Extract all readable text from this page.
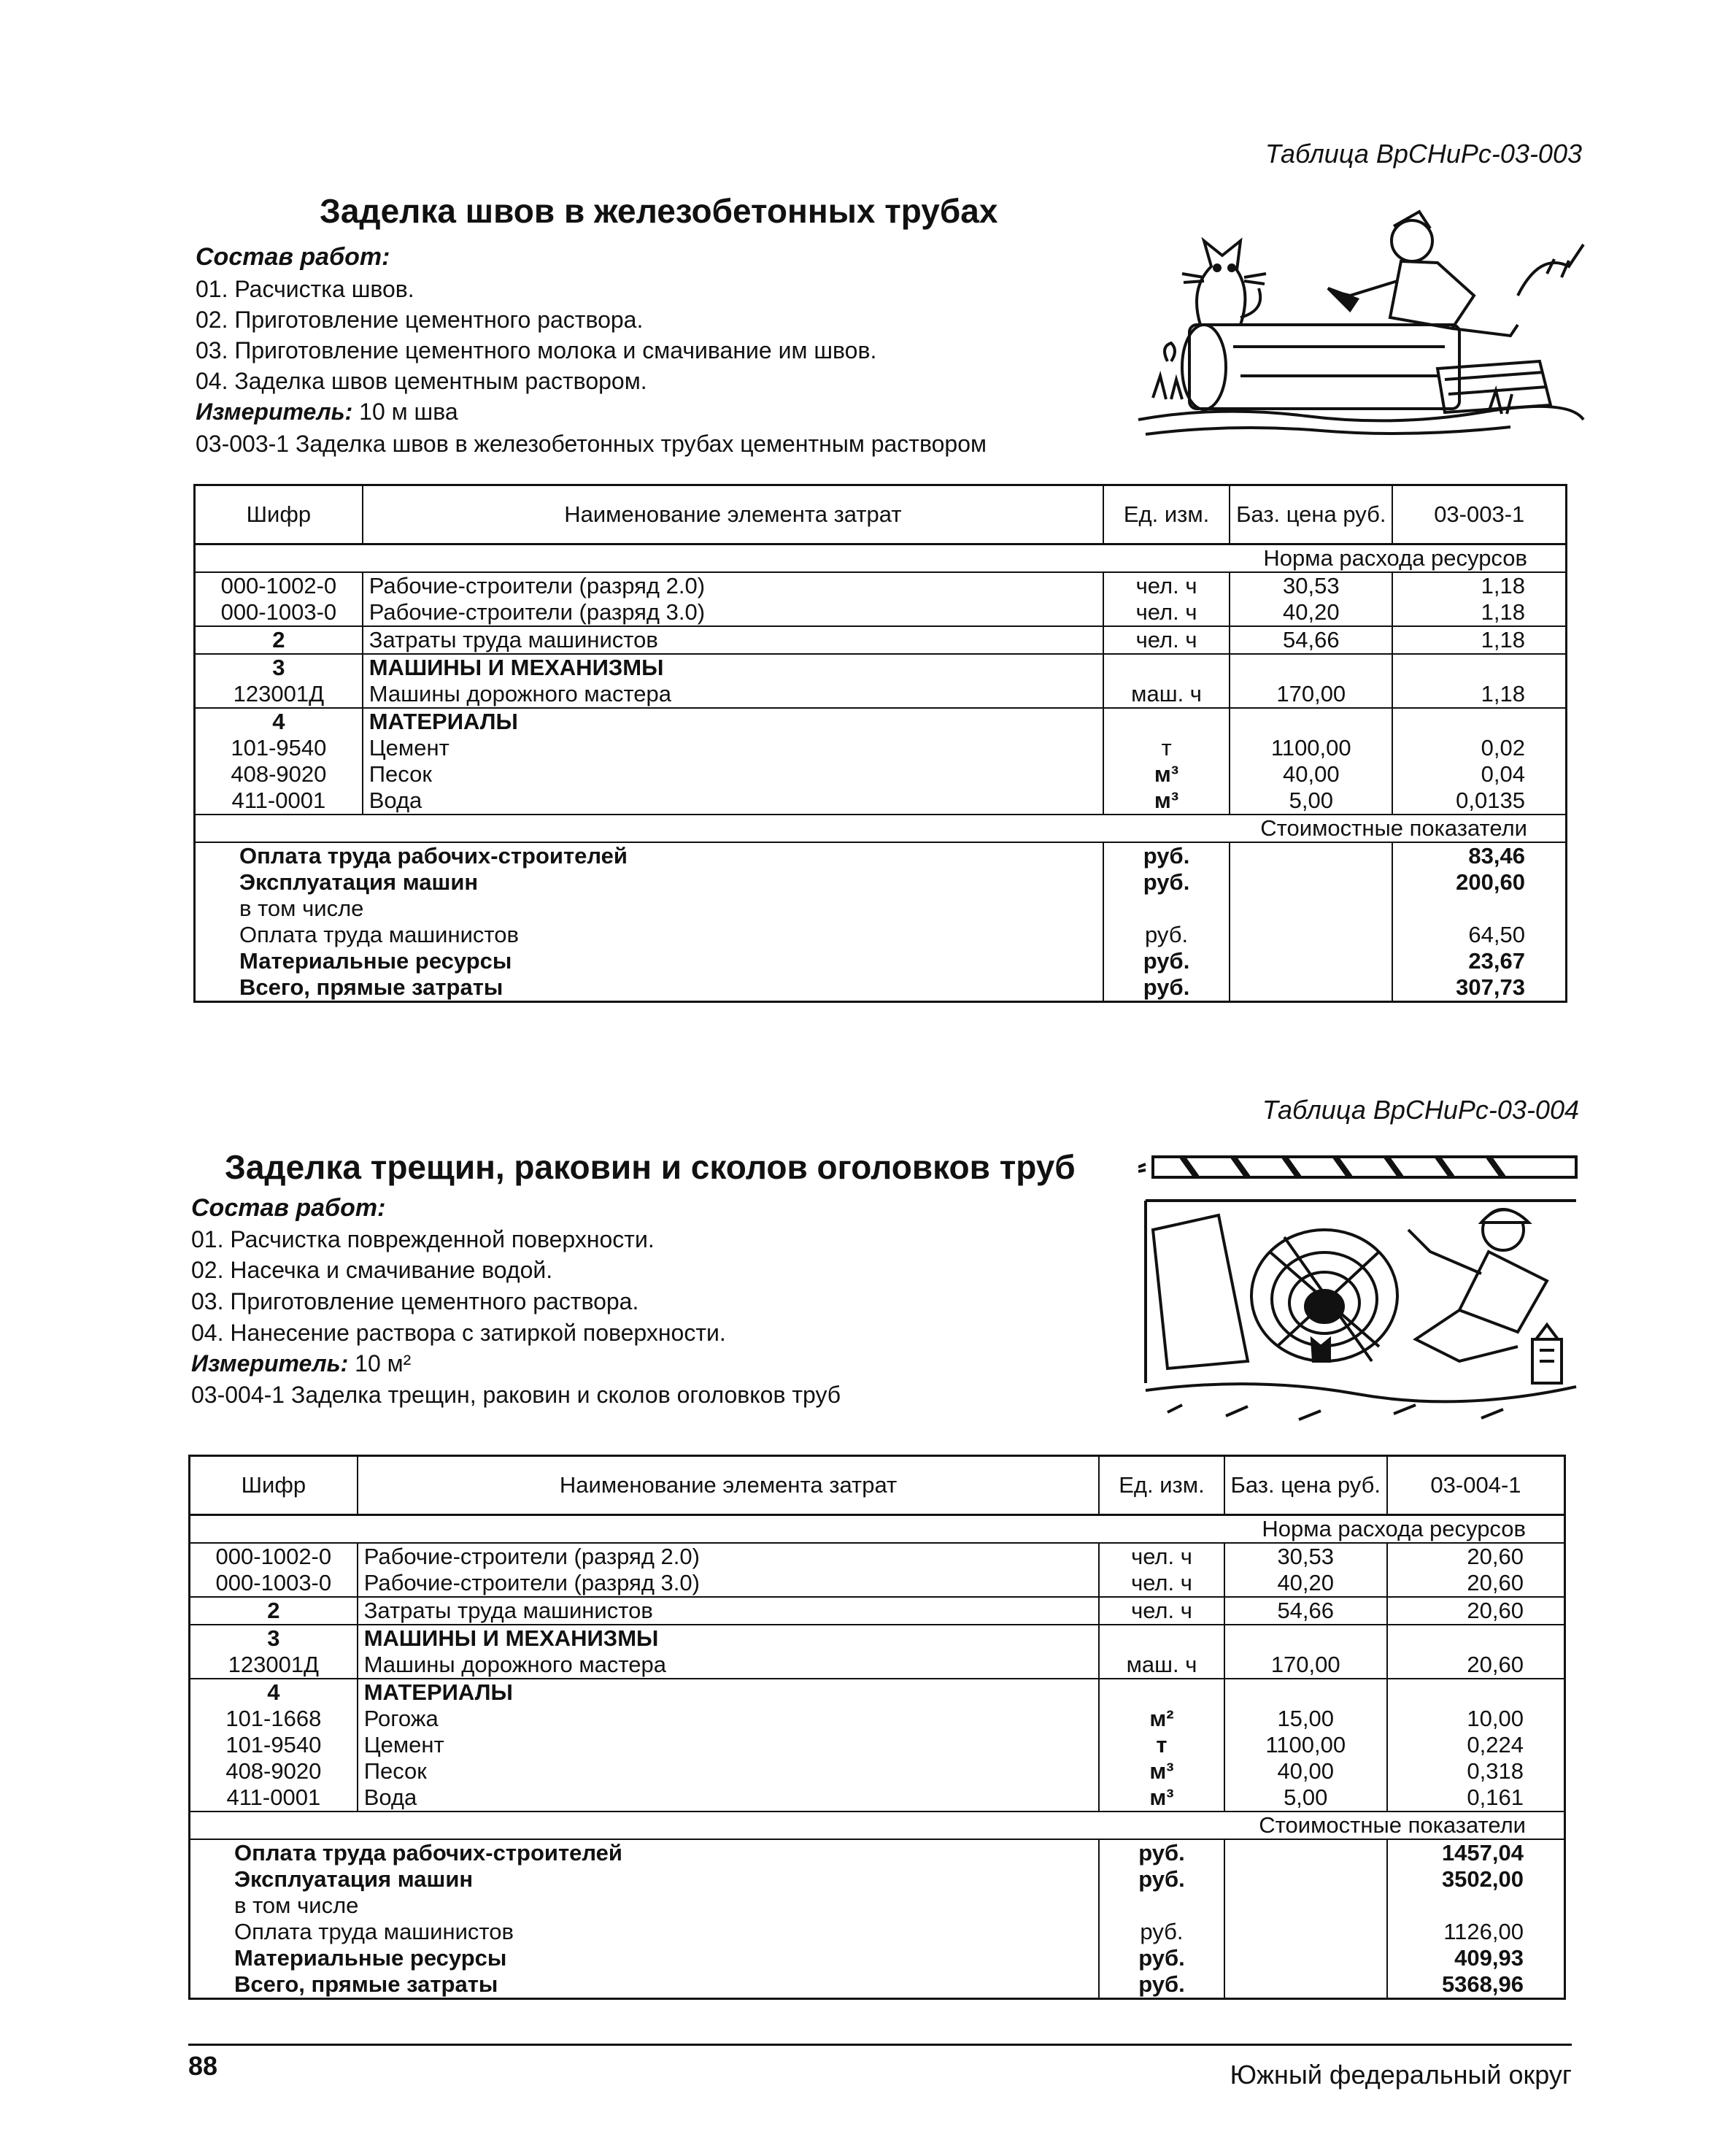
Таблица ВрСНиРс-03-003
Заделка швов в железобетонных трубах
Состав работ:
01. Расчистка швов.
02. Приготовление цементного раствора.
03. Приготовление цементного молока и смачивание им швов.
04. Заделка швов цементным раствором.
Измеритель: 10 м шва
03-003-1 Заделка швов в железобетонных трубах цементным раствором
Шифр	Наименование элемента затрат	Ед. изм.	Баз. цена руб.	03-003-1
Норма расхода ресурсов				
000-1002-0	Рабочие-строители (разряд 2.0)	чел. ч	30,53	1,18
000-1003-0	Рабочие-строители (разряд 3.0)	чел. ч	40,20	1,18
2	Затраты труда машинистов	чел. ч	54,66	1,18
3	МАШИНЫ И МЕХАНИЗМЫ			
123001Д	Машины дорожного мастера	маш. ч	170,00	1,18
4	МАТЕРИАЛЫ			
101-9540	Цемент	т	1100,00	0,02
408-9020	Песок	м³	40,00	0,04
411-0001	Вода	м³	5,00	0,0135
Стоимостные показатели				
Оплата труда рабочих-строителей		руб.		83,46
Эксплуатация машин		руб.		200,60
в том числе				
Оплата труда машинистов		руб.		64,50
Материальные ресурсы		руб.		23,67
Всего, прямые затраты		руб.		307,73
Таблица ВрСНиРс-03-004
Заделка трещин, раковин и сколов оголовков труб
Состав работ:
01. Расчистка поврежденной поверхности.
02. Насечка и смачивание водой.
03. Приготовление цементного раствора.
04. Нанесение раствора с затиркой поверхности.
Измеритель: 10 м²
03-004-1 Заделка трещин, раковин и сколов оголовков труб
Шифр	Наименование элемента затрат	Ед. изм.	Баз. цена руб.	03-004-1
Норма расхода ресурсов				
000-1002-0	Рабочие-строители (разряд 2.0)	чел. ч	30,53	20,60
000-1003-0	Рабочие-строители (разряд 3.0)	чел. ч	40,20	20,60
2	Затраты труда машинистов	чел. ч	54,66	20,60
3	МАШИНЫ И МЕХАНИЗМЫ			
123001Д	Машины дорожного мастера	маш. ч	170,00	20,60
4	МАТЕРИАЛЫ			
101-1668	Рогожа	м²	15,00	10,00
101-9540	Цемент	т	1100,00	0,224
408-9020	Песок	м³	40,00	0,318
411-0001	Вода	м³	5,00	0,161
Стоимостные показатели				
Оплата труда рабочих-строителей		руб.		1457,04
Эксплуатация машин		руб.		3502,00
в том числе				
Оплата труда машинистов		руб.		1126,00
Материальные ресурсы		руб.		409,93
Всего, прямые затраты		руб.		5368,96
88	Южный федеральный округ
